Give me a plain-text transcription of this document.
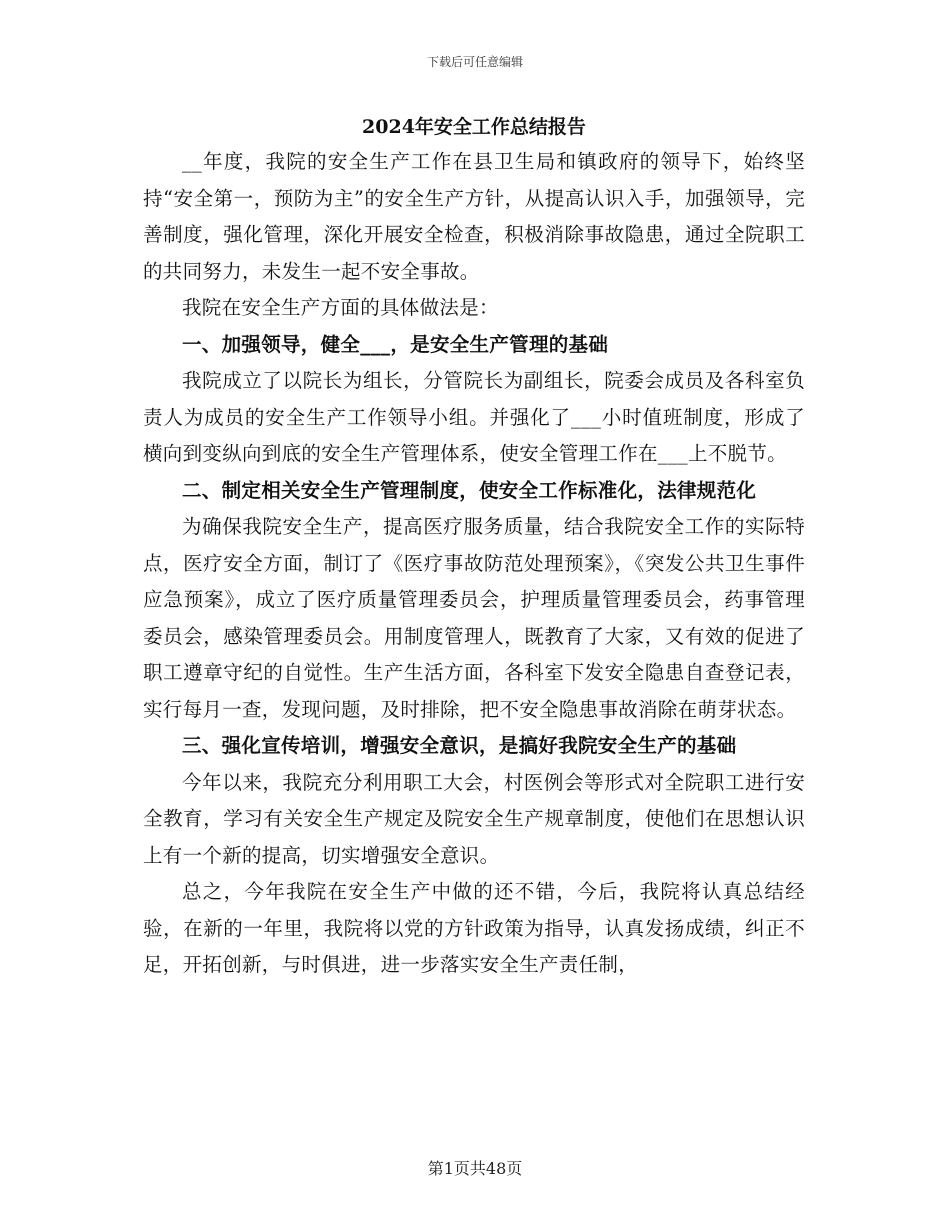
下载后可任意编辑
2024年安全工作总结报告

__年度，我院的安全生产工作在县卫生局和镇政府的领导下，始终坚持“安全第一，预防为主”的安全生产方针，从提高认识入手，加强领导，完善制度，强化管理，深化开展安全检查，积极消除事故隐患，通过全院职工的共同努力，未发生一起不安全事故。

我院在安全生产方面的具体做法是：

一、加强领导，健全___，是安全生产管理的基础

我院成立了以院长为组长，分管院长为副组长，院委会成员及各科室负责人为成员的安全生产工作领导小组。并强化了___小时值班制度，形成了横向到变纵向到底的安全生产管理体系，使安全管理工作在___上不脱节。

二、制定相关安全生产管理制度，使安全工作标准化，法律规范化

为确保我院安全生产，提高医疗服务质量，结合我院安全工作的实际特点，医疗安全方面，制订了《医疗事故防范处理预案》，《突发公共卫生事件应急预案》，成立了医疗质量管理委员会，护理质量管理委员会，药事管理委员会，感染管理委员会。用制度管理人，既教育了大家，又有效的促进了职工遵章守纪的自觉性。生产生活方面，各科室下发安全隐患自查登记表，实行每月一查，发现问题，及时排除，把不安全隐患事故消除在萌芽状态。

三、强化宣传培训，增强安全意识，是搞好我院安全生产的基础

今年以来，我院充分利用职工大会，村医例会等形式对全院职工进行安全教育，学习有关安全生产规定及院安全生产规章制度，使他们在思想认识上有一个新的提高，切实增强安全意识。

总之，今年我院在安全生产中做的还不错，今后，我院将认真总结经验，在新的一年里，我院将以党的方针政策为指导，认真发扬成绩，纠正不足，开拓创新，与时俱进，进一步落实安全生产责任制，

第1页共48页
